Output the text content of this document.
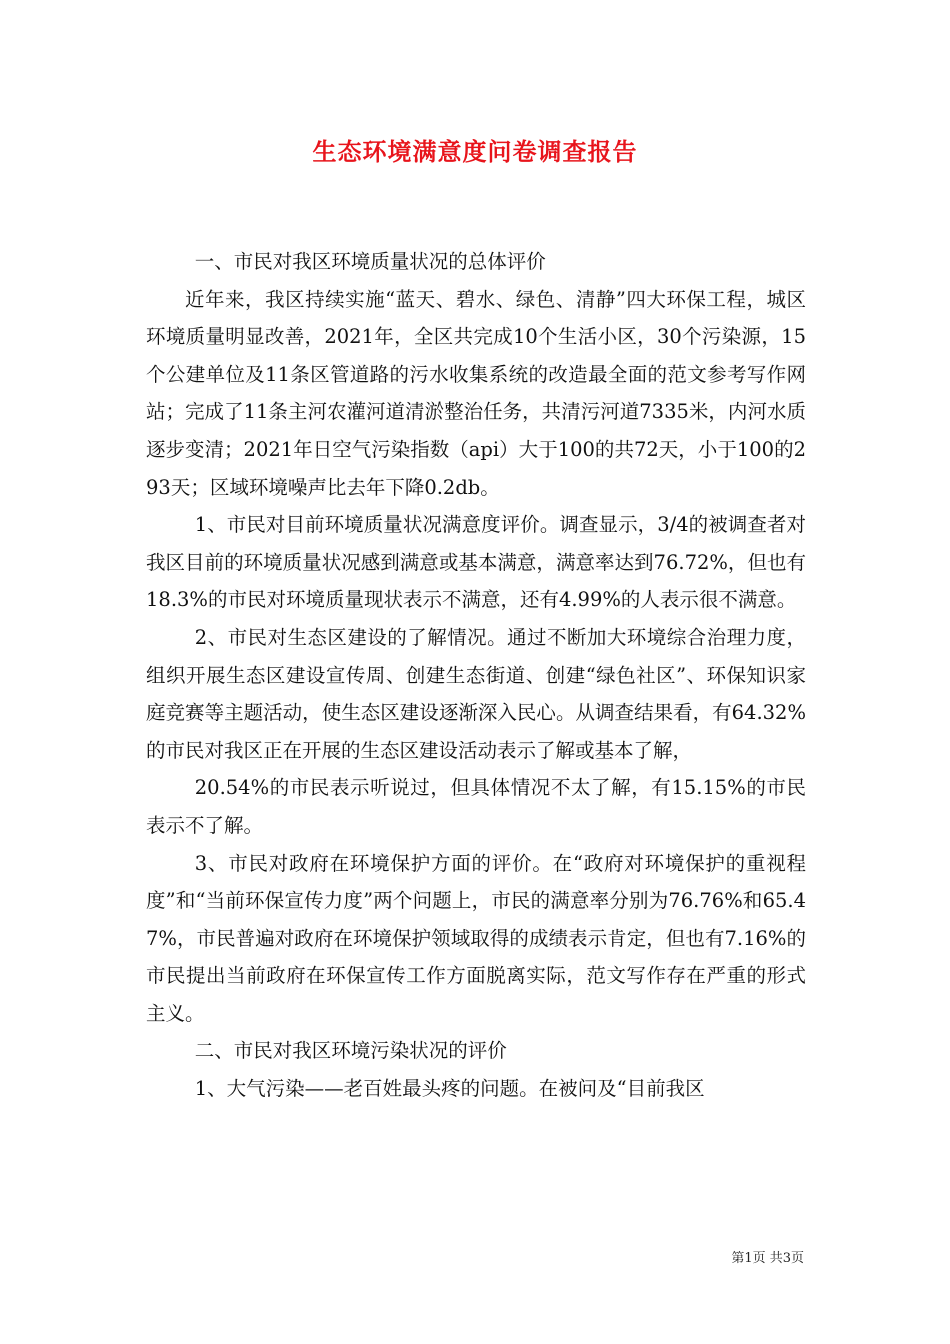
生态环境满意度问卷调查报告

一、市民对我区环境质量状况的总体评价

近年来，我区持续实施“蓝天、碧水、绿色、清静”四大环保工程，城区环境质量明显改善，2021年，全区共完成10个生活小区，30个污染源，15个公建单位及11条区管道路的污水收集系统的改造最全面的范文参考写作网站；完成了11条主河农灌河道清淤整治任务，共清污河道7335米，内河水质逐步变清；2021年日空气污染指数（api）大于100的共72天，小于100的293天；区域环境噪声比去年下降0.2db。

1、市民对目前环境质量状况满意度评价。调查显示，3/4的被调查者对我区目前的环境质量状况感到满意或基本满意，满意率达到76.72%，但也有18.3%的市民对环境质量现状表示不满意，还有4.99%的人表示很不满意。

2、市民对生态区建设的了解情况。通过不断加大环境综合治理力度，组织开展生态区建设宣传周、创建生态街道、创建“绿色社区”、环保知识家庭竞赛等主题活动，使生态区建设逐渐深入民心。从调查结果看，有64.32%的市民对我区正在开展的生态区建设活动表示了解或基本了解，

20.54%的市民表示听说过，但具体情况不太了解，有15.15%的市民表示不了解。

3、市民对政府在环境保护方面的评价。在“政府对环境保护的重视程度”和“当前环保宣传力度”两个问题上，市民的满意率分别为76.76%和65.47%，市民普遍对政府在环境保护领域取得的成绩表示肯定，但也有7.16%的市民提出当前政府在环保宣传工作方面脱离实际，范文写作存在严重的形式主义。

二、市民对我区环境污染状况的评价

1、大气污染——老百姓最头疼的问题。在被问及“目前我区

第1页 共3页
